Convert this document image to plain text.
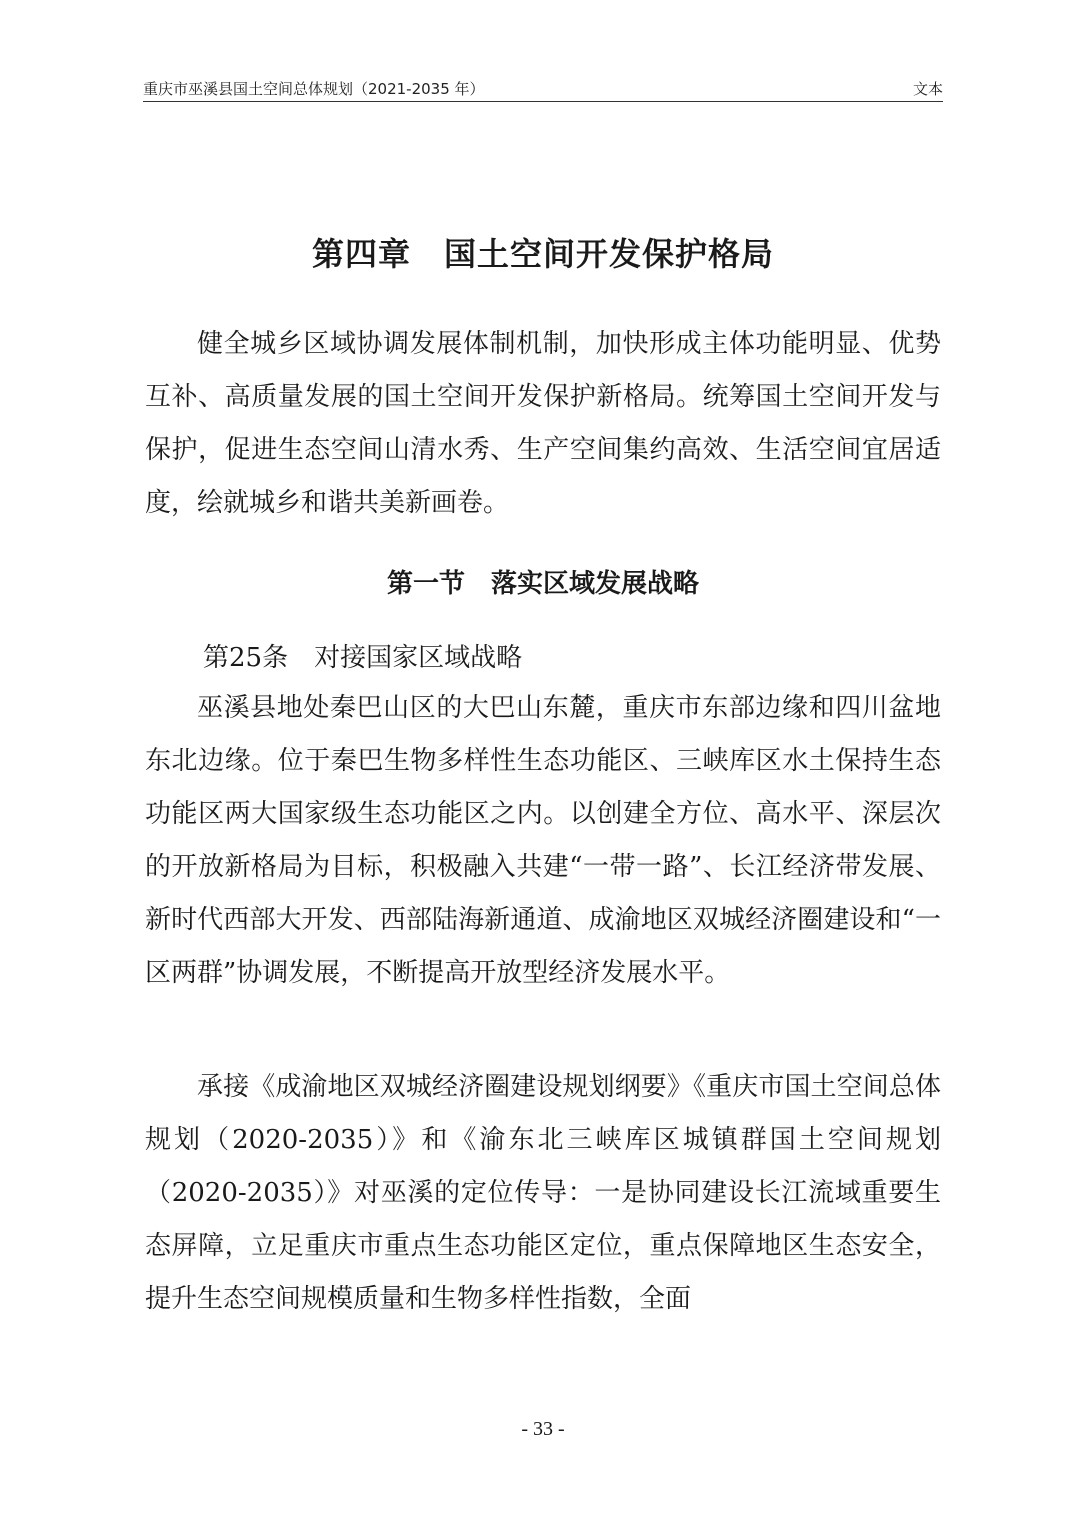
重庆市巫溪县国土空间总体规划（2021-2035 年）	文本
第四章　国土空间开发保护格局

健全城乡区域协调发展体制机制，加快形成主体功能明显、优势互补、高质量发展的国土空间开发保护新格局。统筹国土空间开发与保护，促进生态空间山清水秀、生产空间集约高效、生活空间宜居适度，绘就城乡和谐共美新画卷。

第一节　落实区域发展战略
第25条　对接国家区域战略

巫溪县地处秦巴山区的大巴山东麓，重庆市东部边缘和四川盆地东北边缘。位于秦巴生物多样性生态功能区、三峡库区水土保持生态功能区两大国家级生态功能区之内。以创建全方位、高水平、深层次的开放新格局为目标，积极融入共建“一带一路”、长江经济带发展、新时代西部大开发、西部陆海新通道、成渝地区双城经济圈建设和“一区两群”协调发展，不断提高开放型经济发展水平。

承接《成渝地区双城经济圈建设规划纲要》《重庆市国土空间总体规划（2020-2035）》和《渝东北三峡库区城镇群国土空间规划（2020-2035）》对巫溪的定位传导：一是协同建设长江流域重要生态屏障，立足重庆市重点生态功能区定位，重点保障地区生态安全，提升生态空间规模质量和生物多样性指数，全面

- 33 -
